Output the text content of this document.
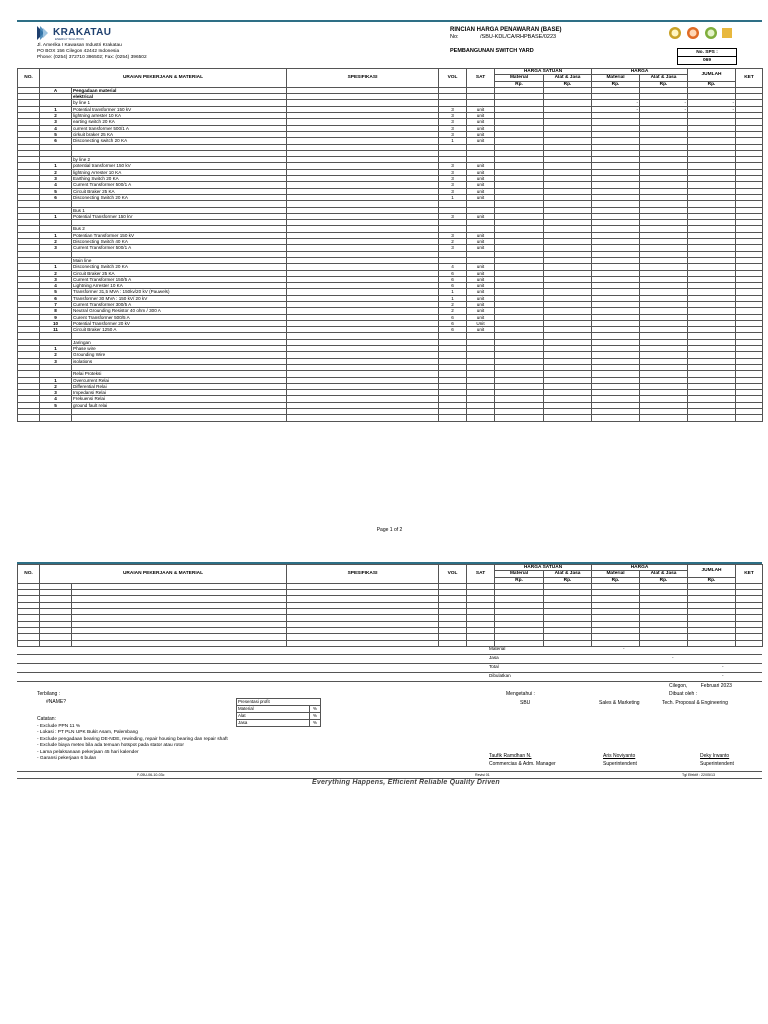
KRAKATAU
ENERGY SOLUTION
Jl. Amerika I Kawasan Industri Krakatau
PO BOX 156 Cilegon 42442 Indonesia
Phone: (0254) 372710 396502; Fax: (0254) 396502
RINCIAN HARGA PENAWARAN (BASE)
No:	/SBU-KDL/CA/RHPBASE/0223
PEMBANGUNAN SWITCH YARD	No. SPS :
069
NO.	URAIAN PEKERJAAN & MATERIAL		SPESIFIKASI	VOL	SAT	HARGA SATUAN		HARGA		JUMLAH	KET
						Material	Alat & Jasa	Material	Alat & Jasa		
						Rp.	Rp.	Rp.	Rp.	Rp.	
	A	Pengadaan material									
		elektrical									
		by line 1						-	-	-	
	1	Potential transformer 150 kV		3	unit			-	-	-	
	2	lightning arrester 10 KA		3	unit						
	3	earting switch 20 KA		3	unit						
	4	current transformer 500/1 A		3	unit						
	5	cirkuit braker 25 KA		3	unit						
	6	Disconecting switch 20 KA		1	unit						

		by line 2									
	1	potential transformer 150 kV		3	unit						
	2	lightning Arrester 10 KA		3	unit						
	3	Earthing Switch 20 KA		3	unit						
	4	Current Transformer 500/1 A		3	unit						
	5	Circuit Braker 25 KA		3	unit						
	6	Disconecting Switch 20 KA		1	unit						

		Bus 1									
	1	Potential Transformer 150 kV		3	unit						

		Bus 2									
	1	Potentian Transformer 150 kV		3	unit						
	2	Disconecting Switch 40 KA		2	unit						
	3	Current Transformer 500/1 A		3	unit						

		Main line									
	1	Disconecting Switch 20 KA		4	unit						
	2	Circuit Braker 25 KA		6	unit						
	3	Current Transformer 150/5 A		6	unit						
	4	Lightning Arrester 10 KA		6	unit						
	5	Transformer 31,5 MVA : 150kv/20 kV (Pauwels)		1	unit						
	6	Transformer 30 MVA : 150 kV/ 20 kV		1	unit						
	7	Current Transformer 300/5 A		2	unit						
	8	Neutral Grounding Resistor 40 ohm / 300 A		2	unit						
	9	Curent Transformer 500/5 A		6	unit						
	10	Potential Transformer 20 kV		6	Unit						
	11	Circuit Braker 1250 A		6	unit						

		Jaringan									
	1	Phase wire									
	2	Grounding Wire									
	3	isolations									

		Relai Proteksi									
	1	Overcurrent Relai									
	2	Differential Relai									
	3	Impedansi Relai									
	4	Frekuensi Relai									
	5	ground fault relai									

Page 1 of 2
NO.	URAIAN PEKERJAAN & MATERIAL		SPESIFIKASI	VOL	SAT	HARGA SATUAN		HARGA		JUMLAH	KET
						Material	Alat & Jasa	Material	Alat & Jasa		
						Rp.	Rp.	Rp.	Rp.	Rp.	

Material	-
Jasa	-
Total	-
Dibulatkan	-
Cilegon,	Februari 2023
Terbilang :
#NAME?	Presentasi profit	
Material	%
Alat	%
Jasa	%
Mengetahui :	Dibuat oleh :
SBU	Sales & Marketing	Tech. Proposal & Engineering
Catatan:
- Exclude PPN 11 %
- Lokasi : PT PLN UPK Bukit Asam, Palembang
- Exclude pengadaan bearing DE-NDE, rewinding, repair housing bearing dan repair shaft
- Exclude biaya metex bila ada temuan hotspot pada stator atau rotor
- Lama pelaksanaan pekerjaan 45 hari kalender
- Garansi pekerjaan 6 bulan	Taufik Ramdhan N.
Commercias & Adm. Manager
Aris Noviyanto
Superintendent
Deky Irwanto
Superintendent
F-05U-06-10-03c	Revisi 01	Tgl Efektif : 22/05/13
Everything Happens, Efficient Reliable Quality Driven
